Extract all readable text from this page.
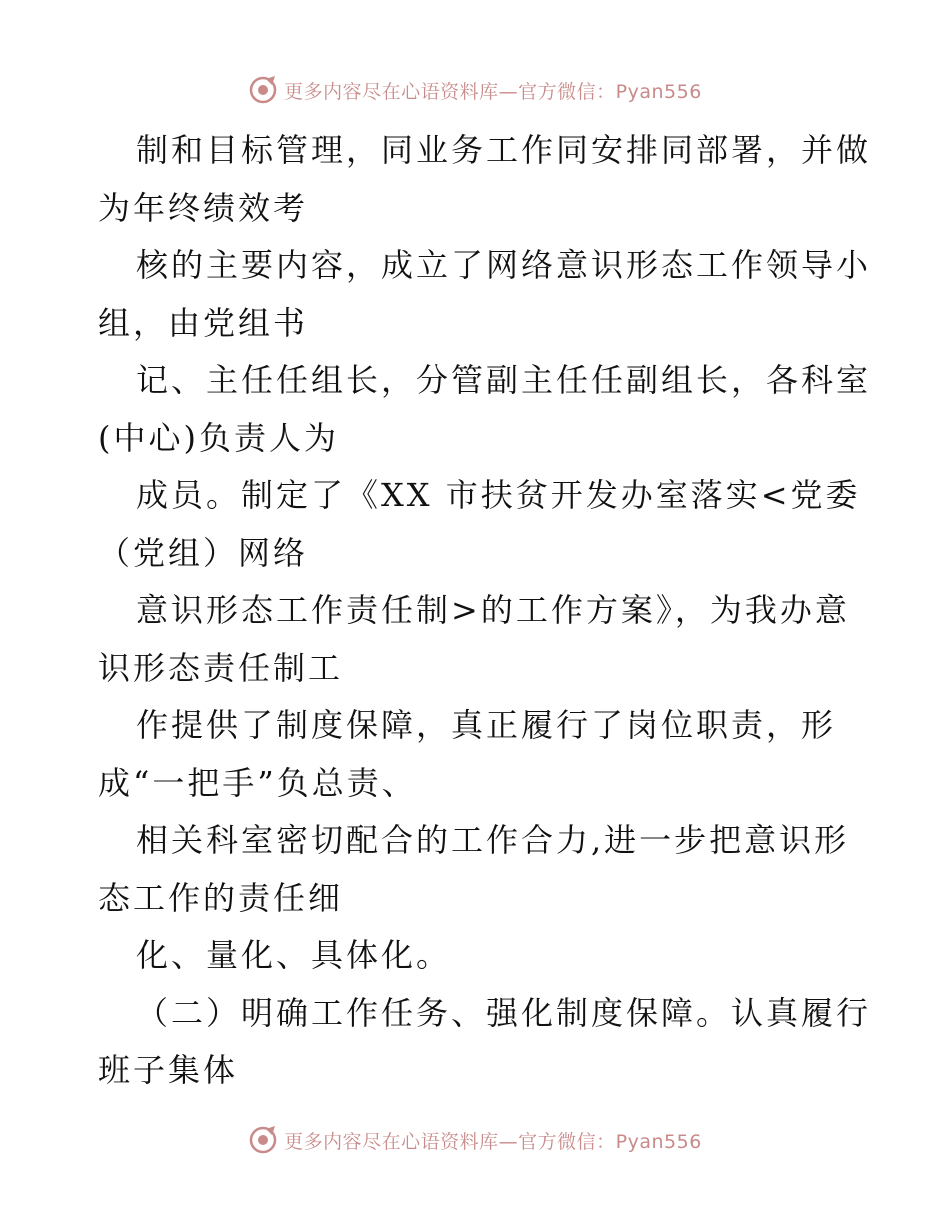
更多内容尽在心语资料库—官方微信：Pyan556
制和目标管理，同业务工作同安排同部署，并做
为年终绩效考
核的主要内容，成立了网络意识形态工作领导小
组，由党组书
记、主任任组长，分管副主任任副组长，各科室
(中心)负责人为
成员。制定了《XX 市扶贫开发办室落实<党委
（党组）网络
意识形态工作责任制>的工作方案》，为我办意
识形态责任制工
作提供了制度保障，真正履行了岗位职责，形
成“一把手”负总责、
相关科室密切配合的工作合力,进一步把意识形
态工作的责任细
化、量化、具体化。
（二）明确工作任务、强化制度保障。认真履行
班子集体
更多内容尽在心语资料库—官方微信：Pyan556
